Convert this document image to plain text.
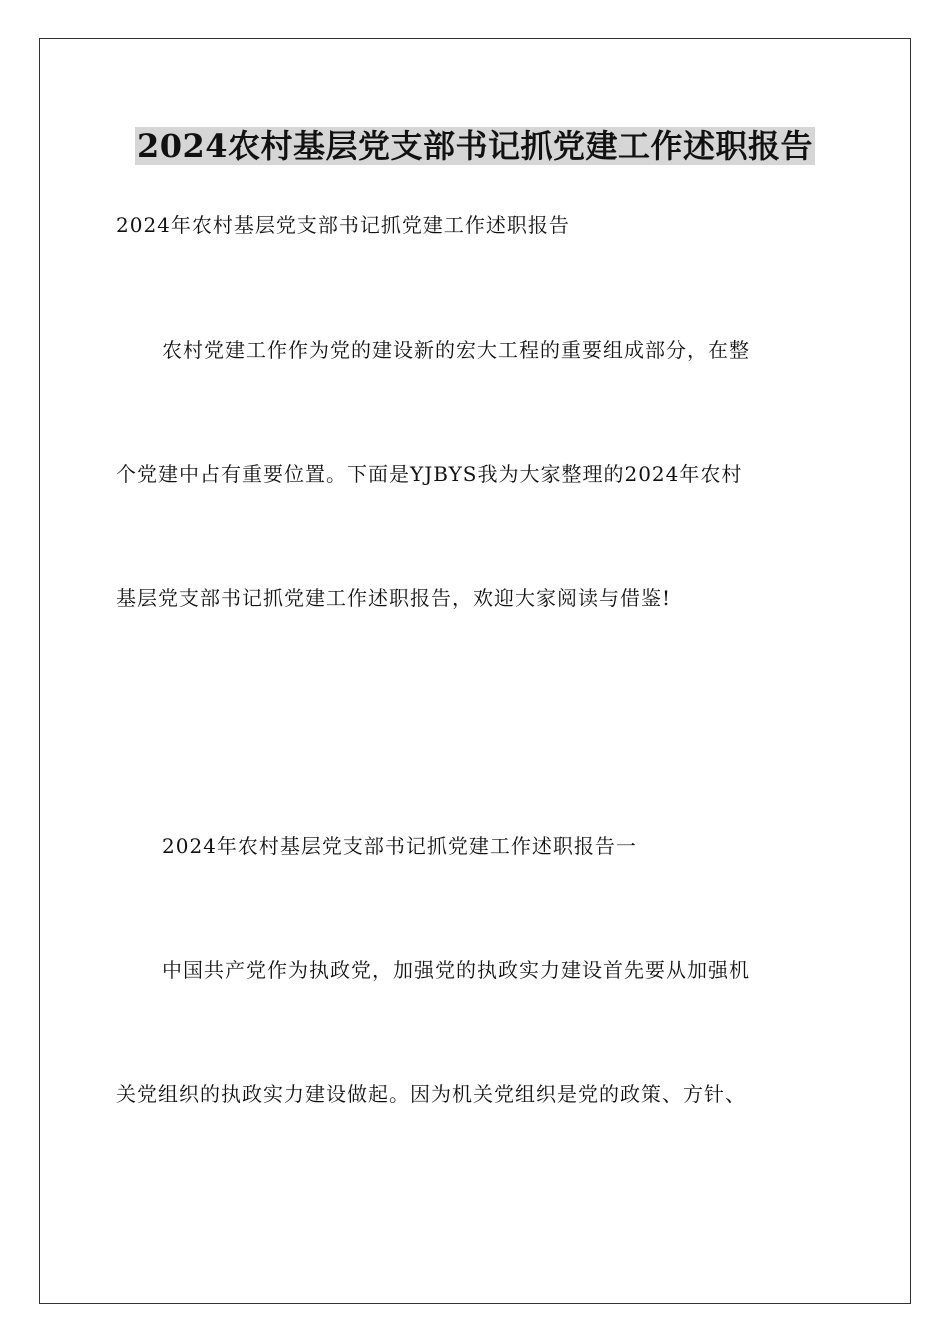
2024农村基层党支部书记抓党建工作述职报告
2024年农村基层党支部书记抓党建工作述职报告
农村党建工作作为党的建设新的宏大工程的重要组成部分，在整
个党建中占有重要位置。下面是YJBYS我为大家整理的2024年农村
基层党支部书记抓党建工作述职报告，欢迎大家阅读与借鉴!
2024年农村基层党支部书记抓党建工作述职报告一
中国共产党作为执政党，加强党的执政实力建设首先要从加强机
关党组织的执政实力建设做起。因为机关党组织是党的政策、方针、
